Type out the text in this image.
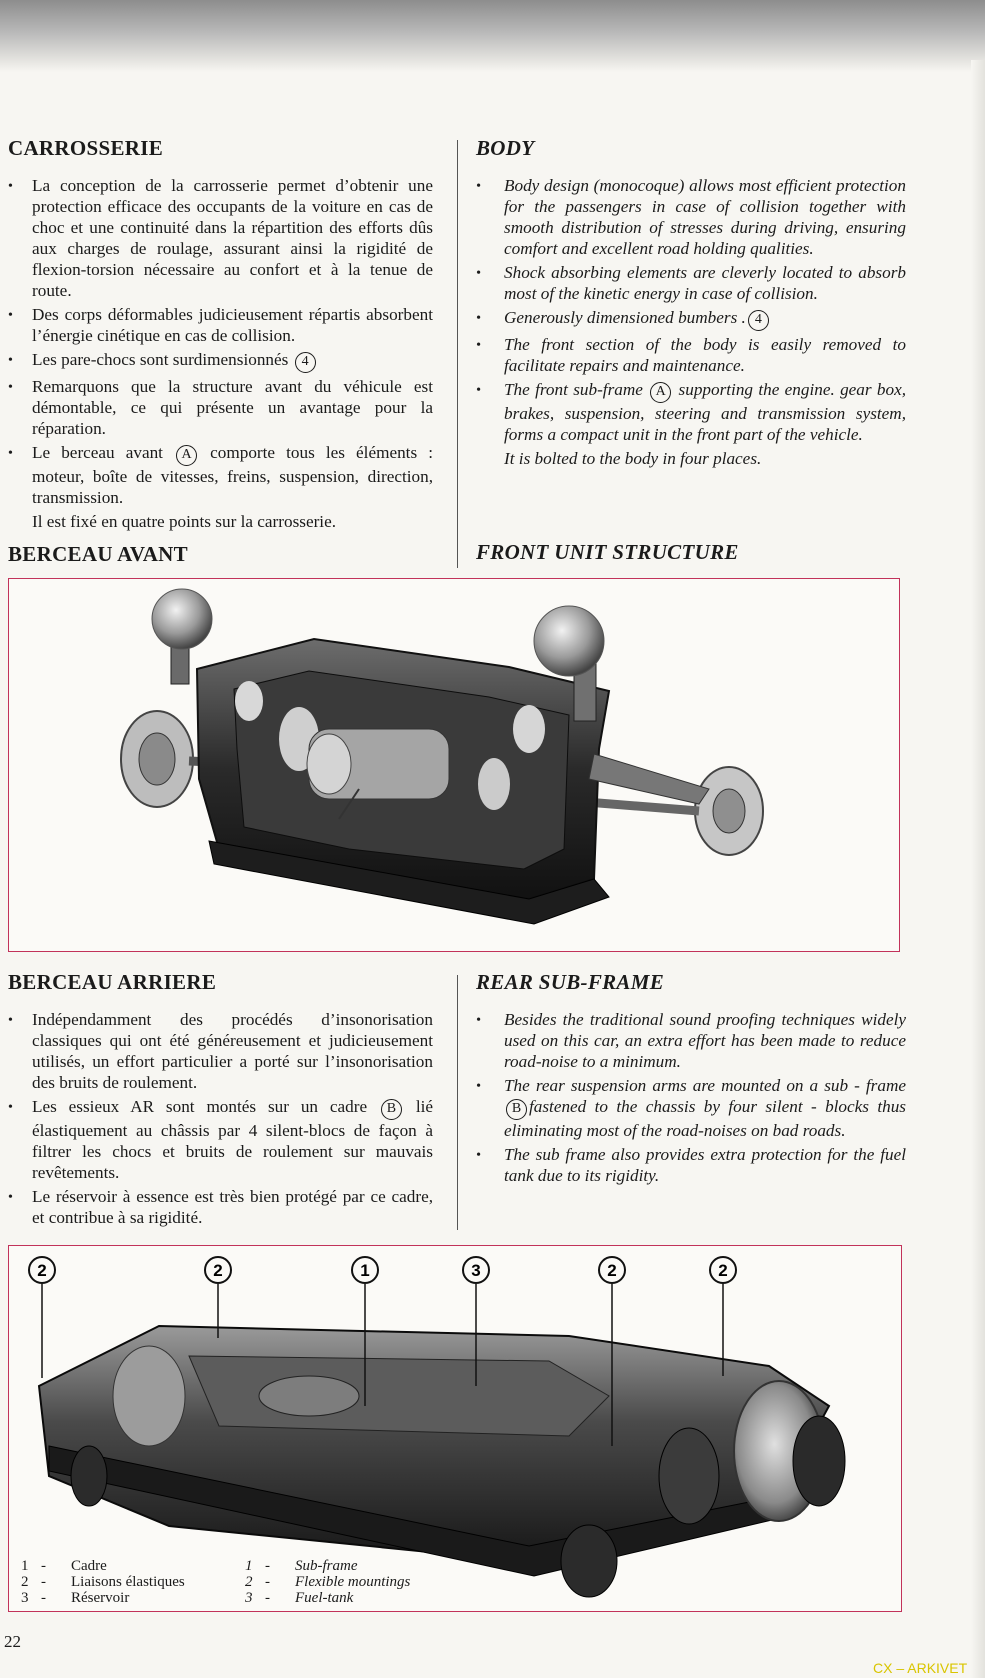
CARROSSERIE
• La conception de la carrosserie permet d’obtenir une protection efficace des occupants de la voiture en cas de choc et une continuité dans la répartition des efforts dûs aux charges de roulage, assurant ainsi la rigidité de flexion-torsion nécessaire au confort et à la tenue de route.
• Des corps déformables judicieusement répartis absorbent l’énergie cinétique en cas de collision.
• Les pare-chocs sont surdimensionnés 4
• Remarquons que la structure avant du véhicule est démontable, ce qui présente un avantage pour la réparation.
• Le berceau avant A comporte tous les éléments : moteur, boîte de vitesses, freins, suspension, direction, transmission.
Il est fixé en quatre points sur la carrosserie.
BODY
• Body design (monocoque) allows most efficient protection for the passengers in case of collision together with smooth distribution of stresses during driving, ensuring comfort and excellent road holding qualities.
• Shock absorbing elements are cleverly located to absorb most of the kinetic energy in case of collision.
• Generously dimensioned bumbers . 4
• The front section of the body is easily removed to facilitate repairs and maintenance.
• The front sub-frame A supporting the engine. gear box, brakes, suspension, steering and transmission system, forms a compact unit in the front part of the vehicle.
It is bolted to the body in four places.
BERCEAU AVANT	FRONT UNIT STRUCTURE
BERCEAU ARRIERE
• Indépendamment des procédés d’insonorisation classiques qui ont été généreusement et judicieusement utilisés, un effort particulier a porté sur l’insonorisation des bruits de roulement.
• Les essieux AR sont montés sur un cadre B lié élastiquement au châssis par 4 silent-blocs de façon à filtrer les chocs et bruits de roulement sur mauvais revêtements.
• Le réservoir à essence est très bien protégé par ce cadre, et contribue à sa rigidité.
REAR SUB-FRAME
• Besides the traditional sound proofing techniques widely used on this car, an extra effort has been made to reduce road-noise to a minimum.
• The rear suspension arms are mounted on a sub - frameB fastened to the chassis by four silent - blocks thus eliminating most of the road-noises on bad roads.
• The sub frame also provides extra protection for the fuel tank due to its rigidity.
2	2	1	3	2	2
1 - Cadre
2 - Liaisons élastiques
3 - Réservoir
1 - Sub-frame
2 - Flexible mountings
3 - Fuel-tank
22
CX – ARKIVET
